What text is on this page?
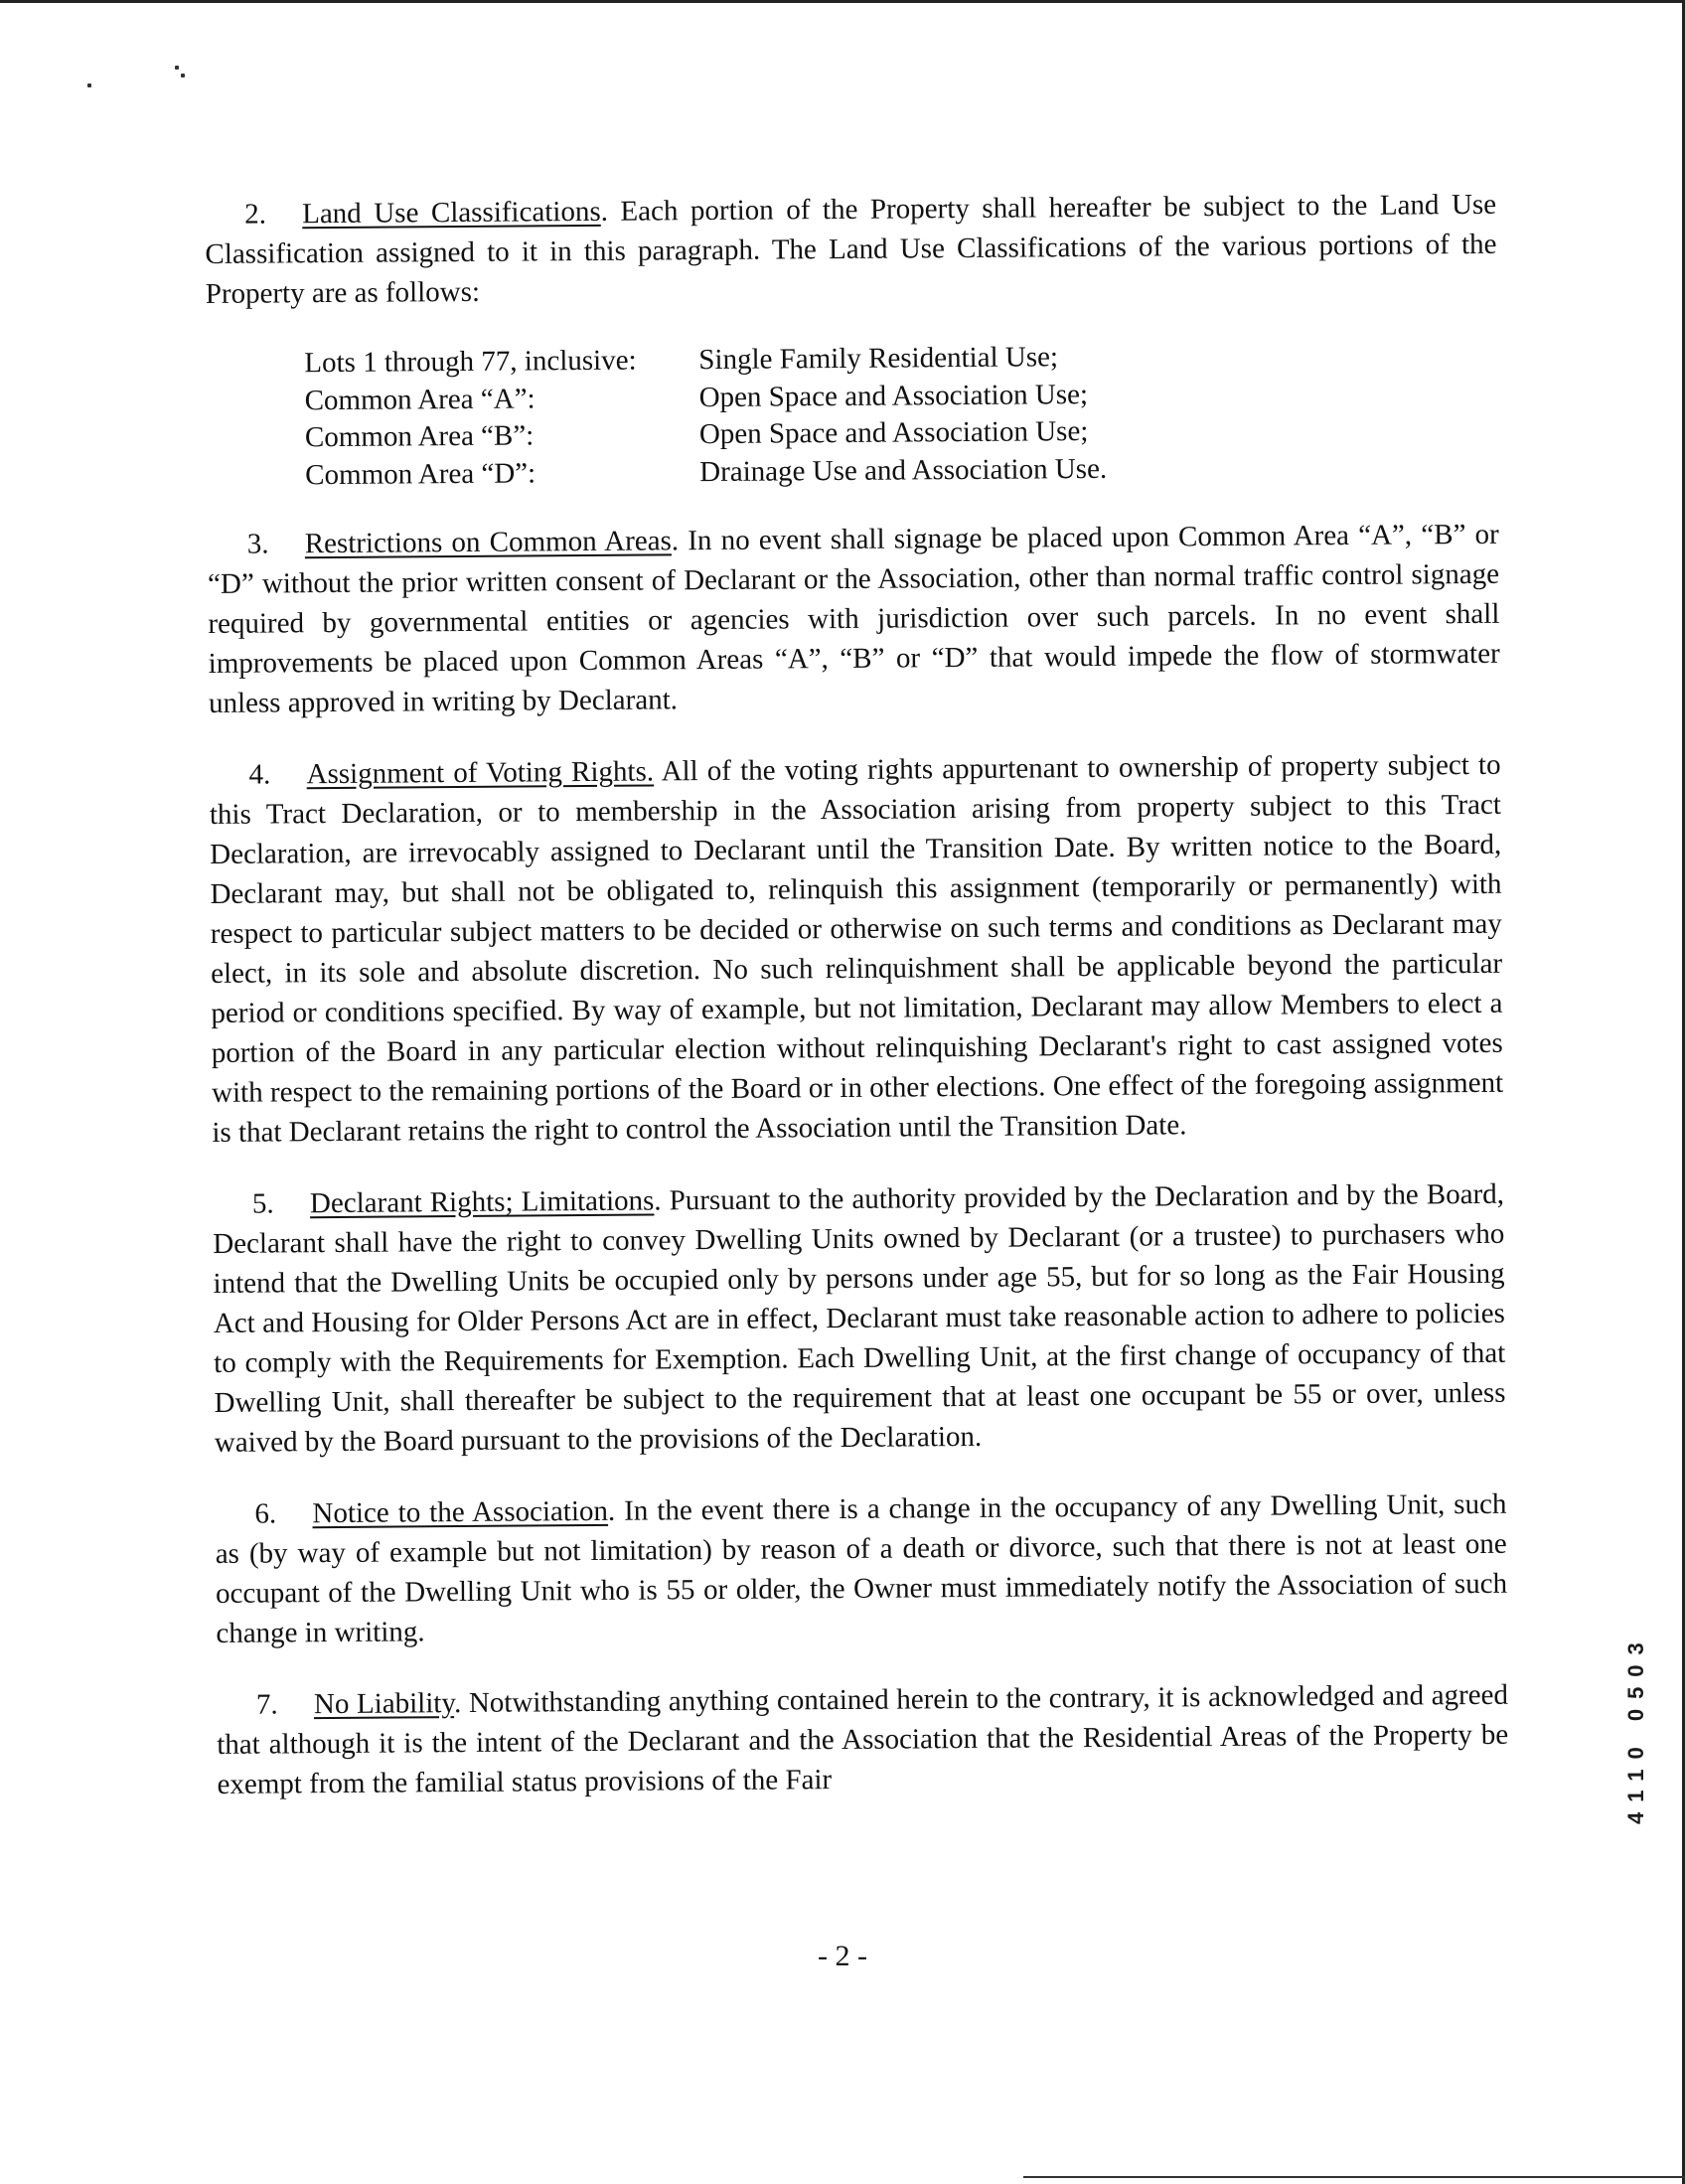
2. Land Use Classifications. Each portion of the Property shall hereafter be subject to the Land Use Classification assigned to it in this paragraph. The Land Use Classifications of the various portions of the Property are as follows:

Lots 1 through 77, inclusive:	Single Family Residential Use;
Common Area “A”:	Open Space and Association Use;
Common Area “B”:	Open Space and Association Use;
Common Area “D”:	Drainage Use and Association Use.

3. Restrictions on Common Areas. In no event shall signage be placed upon Common Area “A”, “B” or “D” without the prior written consent of Declarant or the Association, other than normal traffic control signage required by governmental entities or agencies with jurisdiction over such parcels. In no event shall improvements be placed upon Common Areas “A”, “B” or “D” that would impede the flow of stormwater unless approved in writing by Declarant.

4. Assignment of Voting Rights. All of the voting rights appurtenant to ownership of property subject to this Tract Declaration, or to membership in the Association arising from property subject to this Tract Declaration, are irrevocably assigned to Declarant until the Transition Date. By written notice to the Board, Declarant may, but shall not be obligated to, relinquish this assignment (temporarily or permanently) with respect to particular subject matters to be decided or otherwise on such terms and conditions as Declarant may elect, in its sole and absolute discretion. No such relinquishment shall be applicable beyond the particular period or conditions specified. By way of example, but not limitation, Declarant may allow Members to elect a portion of the Board in any particular election without relinquishing Declarant's right to cast assigned votes with respect to the remaining portions of the Board or in other elections. One effect of the foregoing assignment is that Declarant retains the right to control the Association until the Transition Date.

5. Declarant Rights; Limitations. Pursuant to the authority provided by the Declaration and by the Board, Declarant shall have the right to convey Dwelling Units owned by Declarant (or a trustee) to purchasers who intend that the Dwelling Units be occupied only by persons under age 55, but for so long as the Fair Housing Act and Housing for Older Persons Act are in effect, Declarant must take reasonable action to adhere to policies to comply with the Requirements for Exemption. Each Dwelling Unit, at the first change of occupancy of that Dwelling Unit, shall thereafter be subject to the requirement that at least one occupant be 55 or over, unless waived by the Board pursuant to the provisions of the Declaration.

6. Notice to the Association. In the event there is a change in the occupancy of any Dwelling Unit, such as (by way of example but not limitation) by reason of a death or divorce, such that there is not at least one occupant of the Dwelling Unit who is 55 or older, the Owner must immediately notify the Association of such change in writing.

7. No Liability. Notwithstanding anything contained herein to the contrary, it is acknowledged and agreed that although it is the intent of the Declarant and the Association that the Residential Areas of the Property be exempt from the familial status provisions of the Fair

- 2 -
4110 0503
